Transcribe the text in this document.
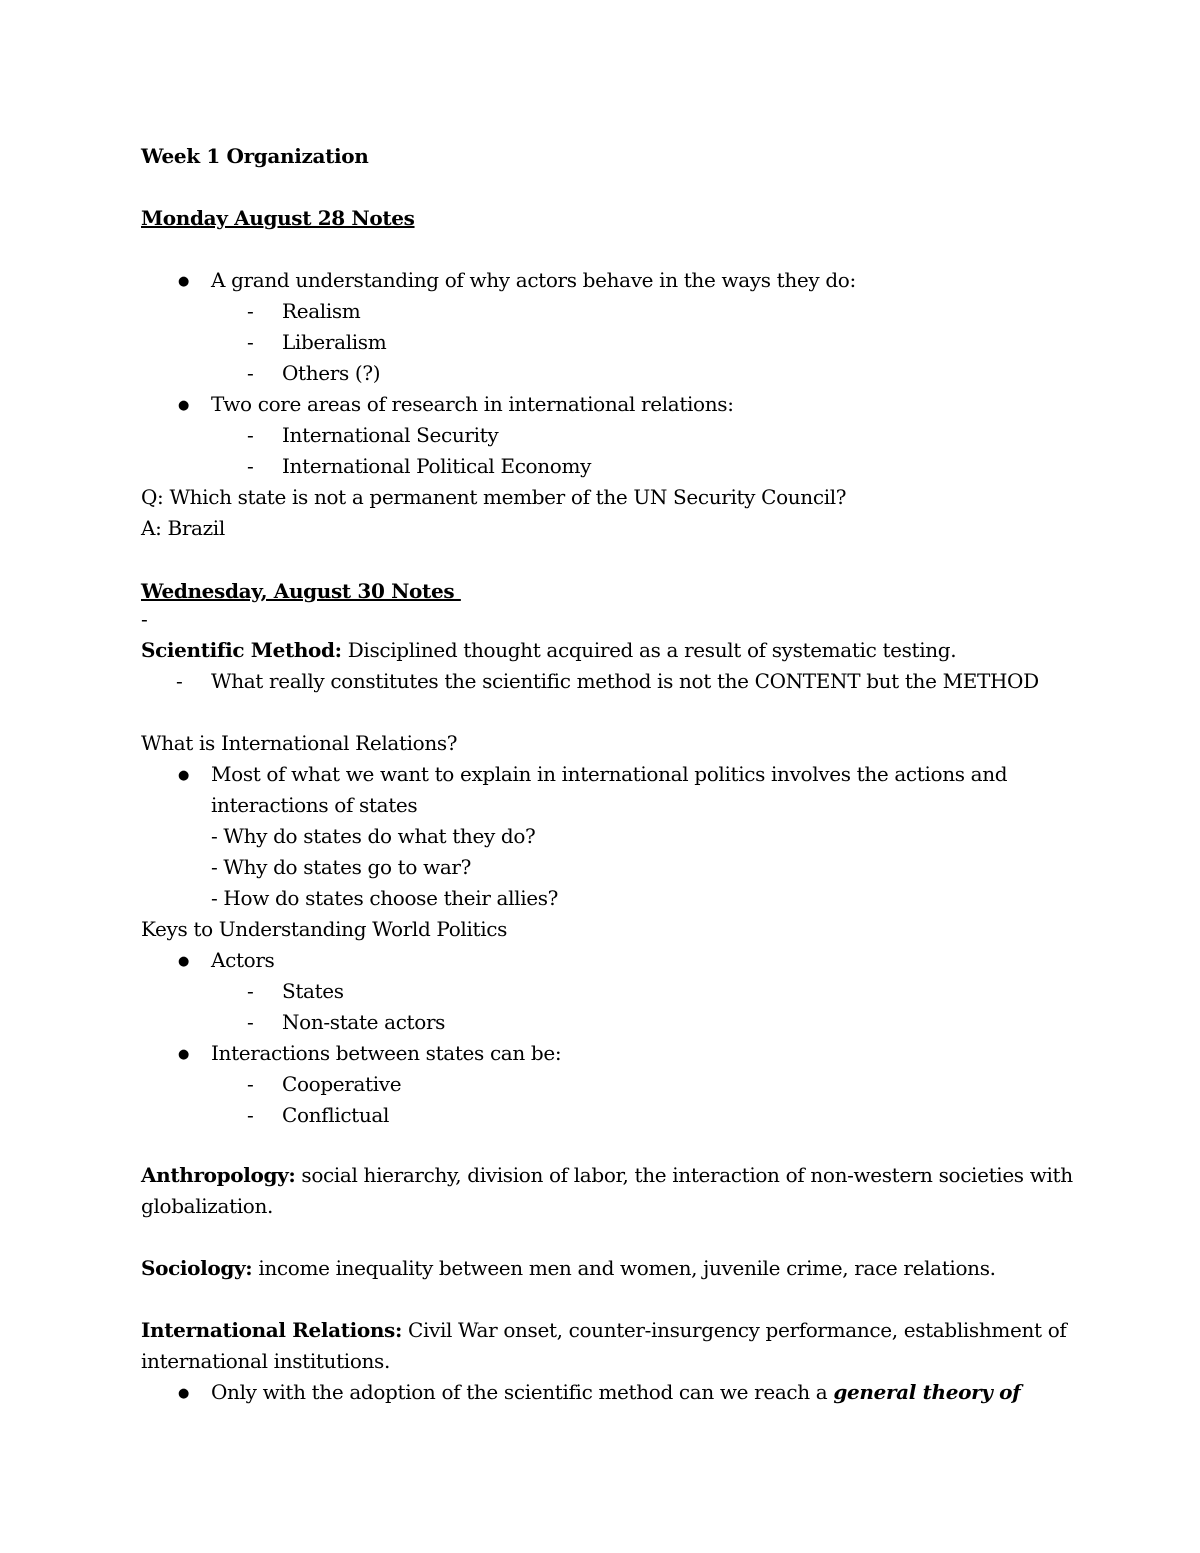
Week 1 Organization
Monday August 28 Notes
● A grand understanding of why actors behave in the ways they do:
- Realism
- Liberalism
- Others (?)
● Two core areas of research in international relations:
- International Security
- International Political Economy
Q: Which state is not a permanent member of the UN Security Council?
A: Brazil
Wednesday, August 30 Notes
-
Scientific Method: Disciplined thought acquired as a result of systematic testing.
- What really constitutes the scientific method is not the CONTENT but the METHOD
What is International Relations?
● Most of what we want to explain in international politics involves the actions and
interactions of states
- Why do states do what they do?
- Why do states go to war?
- How do states choose their allies?
Keys to Understanding World Politics
● Actors
- States
- Non-state actors
● Interactions between states can be:
- Cooperative
- Conflictual
Anthropology: social hierarchy, division of labor, the interaction of non-western societies with
globalization.
Sociology: income inequality between men and women, juvenile crime, race relations.
International Relations: Civil War onset, counter-insurgency performance, establishment of
international institutions.
● Only with the adoption of the scientific method can we reach a general theory of
